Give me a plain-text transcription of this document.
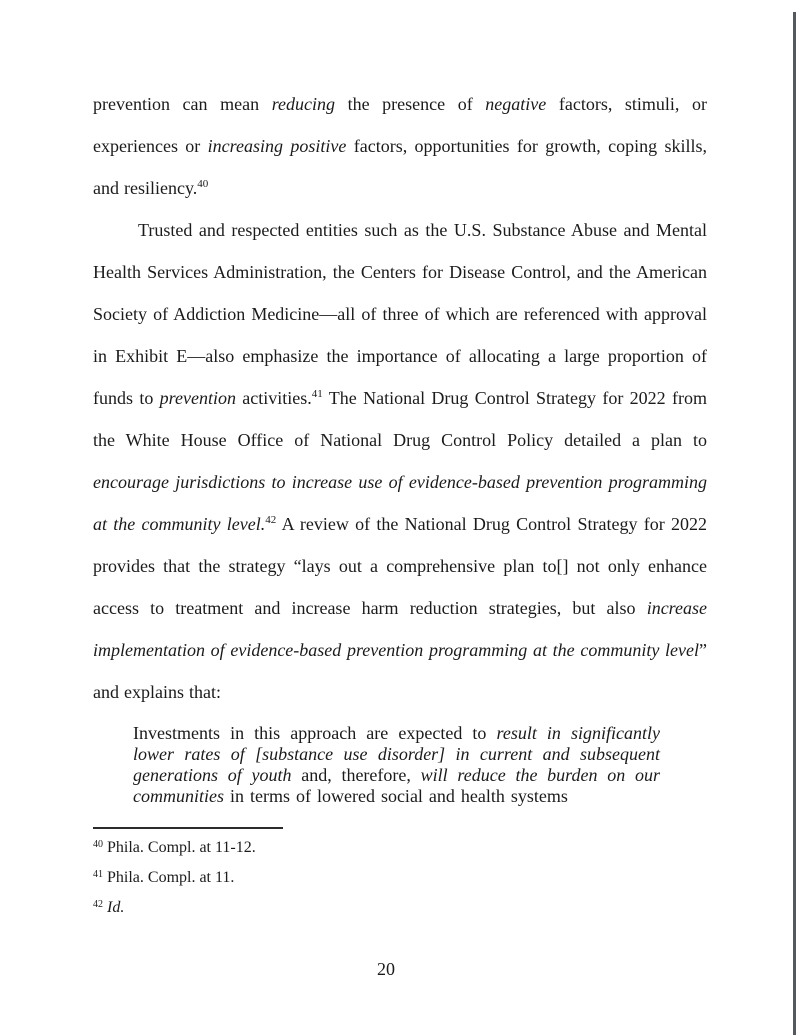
prevention can mean reducing the presence of negative factors, stimuli, or experiences or increasing positive factors, opportunities for growth, coping skills, and resiliency.$^{40}$

Trusted and respected entities such as the U.S. Substance Abuse and Mental Health Services Administration, the Centers for Disease Control, and the American Society of Addiction Medicine—all of three of which are referenced with approval in Exhibit E—also emphasize the importance of allocating a large proportion of funds to prevention activities.$^{41}$ The National Drug Control Strategy for 2022 from the White House Office of National Drug Control Policy detailed a plan to encourage jurisdictions to increase use of evidence-based prevention programming at the community level.$^{42}$ A review of the National Drug Control Strategy for 2022 provides that the strategy “lays out a comprehensive plan to[] not only enhance access to treatment and increase harm reduction strategies, but also increase implementation of evidence-based prevention programming at the community level” and explains that:

Investments in this approach are expected to result in significantly lower rates of [substance use disorder] in current and subsequent generations of youth and, therefore, will reduce the burden on our communities in terms of lowered social and health systems
$^{40}$ Phila. Compl. at 11-12.
$^{41}$ Phila. Compl. at 11.
$^{42}$ Id.
20
